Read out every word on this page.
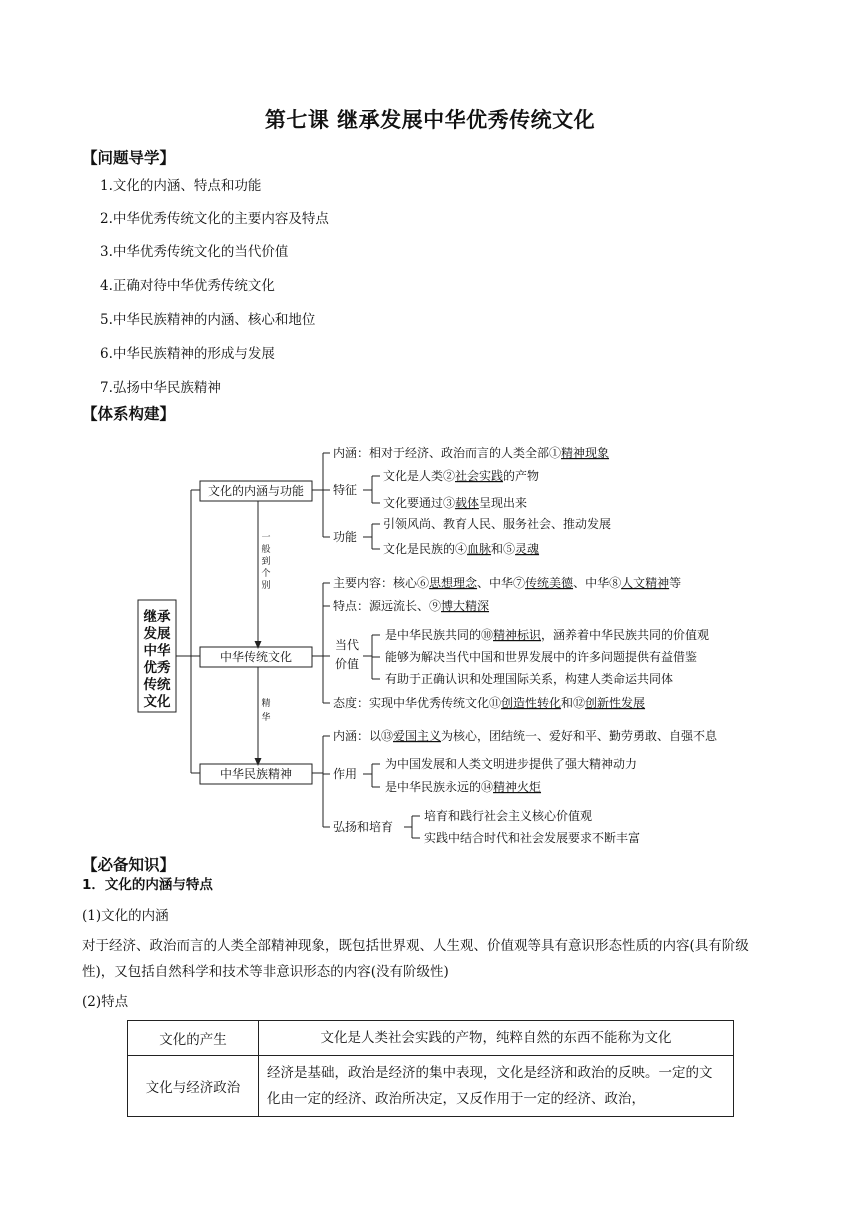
第七课 继承发展中华优秀传统文化
【问题导学】
1.文化的内涵、特点和功能
2.中华优秀传统文化的主要内容及特点
3.中华优秀传统文化的当代价值
4.正确对待中华优秀传统文化
5.中华民族精神的内涵、核心和地位
6.中华民族精神的形成与发展
7.弘扬中华民族精神
【体系构建】
继承
发展
中华
优秀
传统
文化
文化的内涵与功能
中华传统文化
中华民族精神
一
般
到
个
别
精
华
内涵：相对于经济、政治而言的人类全部①精神现象
特征
文化是人类②社会实践的产物
文化要通过③载体呈现出来
功能
引领风尚、教育人民、服务社会、推动发展
文化是民族的④血脉和⑤灵魂
主要内容：核心⑥思想理念、中华⑦传统美德、中华⑧人文精神等
特点：源远流长、⑨博大精深
当代
价值
是中华民族共同的⑩精神标识，涵养着中华民族共同的价值观
能够为解决当代中国和世界发展中的许多问题提供有益借鉴
有助于正确认识和处理国际关系，构建人类命运共同体
态度：实现中华优秀传统文化⑪创造性转化和⑫创新性发展
内涵：以⑬爱国主义为核心，团结统一、爱好和平、勤劳勇敢、自强不息
作用
为中国发展和人类文明进步提供了强大精神动力
是中华民族永远的⑭精神火炬
弘扬和培育
培育和践行社会主义核心价值观
实践中结合时代和社会发展要求不断丰富
【必备知识】
1．文化的内涵与特点
(1)文化的内涵
对于经济、政治而言的人类全部精神现象，既包括世界观、人生观、价值观等具有意识形态性质的内容(具有阶级性)，又包括自然科学和技术等非意识形态的内容(没有阶级性)
(2)特点
文化的产生	文化是人类社会实践的产物，纯粹自然的东西不能称为文化
文化与经济政治	经济是基础，政治是经济的集中表现，文化是经济和政治的反映。一定的文化由一定的经济、政治所决定，又反作用于一定的经济、政治，
